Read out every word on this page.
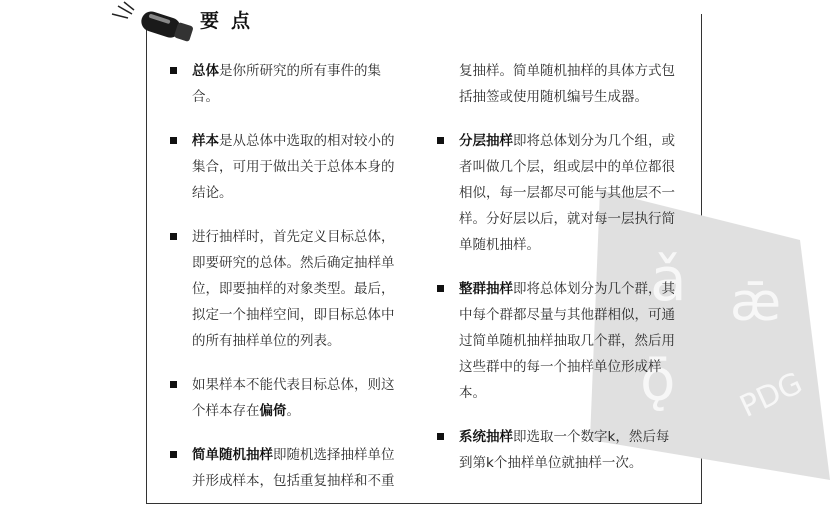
要点
ǎ ǣ
ǭ PDG
总体是你所研究的所有事件的集合。
样本是从总体中选取的相对较小的集合，可用于做出关于总体本身的结论。
进行抽样时，首先定义目标总体，即要研究的总体。然后确定抽样单位，即要抽样的对象类型。最后，拟定一个抽样空间，即目标总体中的所有抽样单位的列表。
如果样本不能代表目标总体，则这个样本存在偏倚。
简单随机抽样即随机选择抽样单位并形成样本，包括重复抽样和不重
复抽样。简单随机抽样的具体方式包括抽签或使用随机编号生成器。
分层抽样即将总体划分为几个组，或者叫做几个层，组或层中的单位都很相似，每一层都尽可能与其他层不一样。分好层以后，就对每一层执行简单随机抽样。
整群抽样即将总体划分为几个群，其中每个群都尽量与其他群相似，可通过简单随机抽样抽取几个群，然后用这些群中的每一个抽样单位形成样本。
系统抽样即选取一个数字k，然后每到第k个抽样单位就抽样一次。
